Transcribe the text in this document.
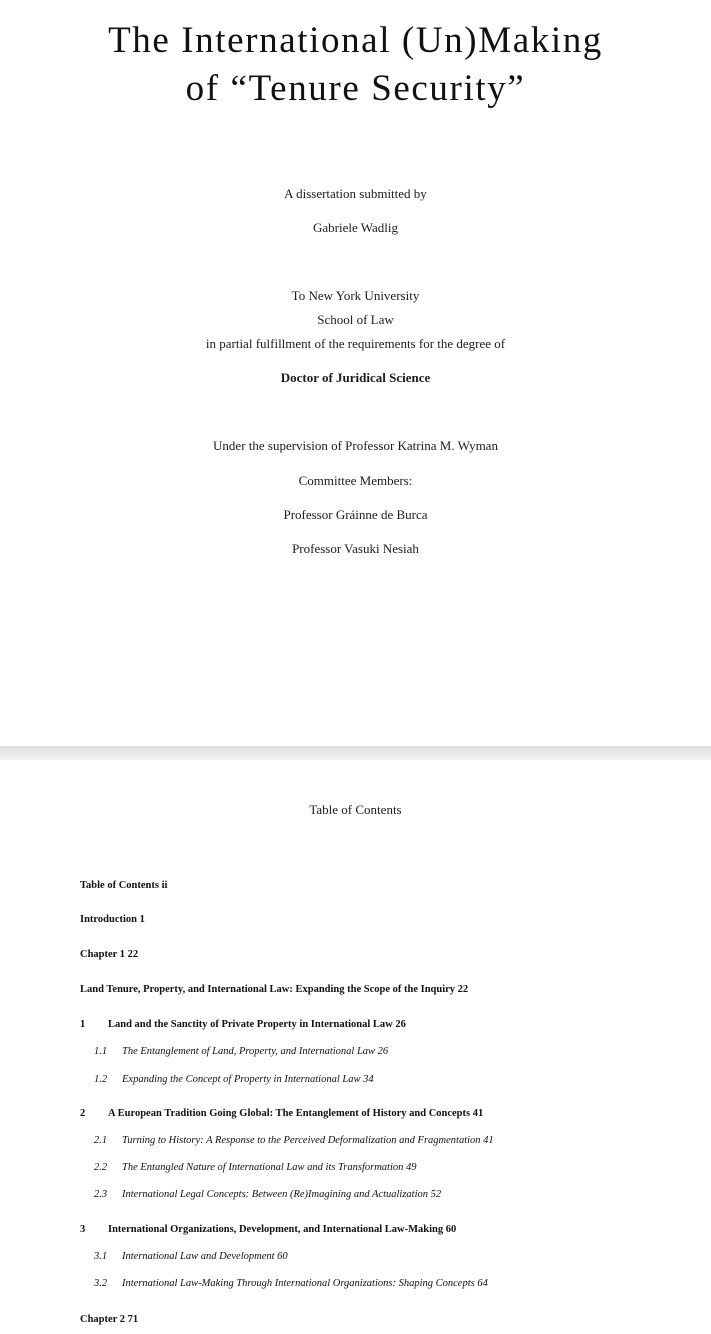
The International (Un)Making
of “Tenure Security”
A dissertation submitted by
Gabriele Wadlig
To New York University
School of Law
in partial fulfillment of the requirements for the degree of
Doctor of Juridical Science
Under the supervision of Professor Katrina M. Wyman
Committee Members:
Professor Gráinne de Burca
Professor Vasuki Nesiah
Table of Contents
Table of Contents ii
Introduction 1
Chapter 1 22
Land Tenure, Property, and International Law: Expanding the Scope of the Inquiry 22
1 Land and the Sanctity of Private Property in International Law 26
1.1 The Entanglement of Land, Property, and International Law 26
1.2 Expanding the Concept of Property in International Law 34
2 A European Tradition Going Global: The Entanglement of History and Concepts 41
2.1 Turning to History: A Response to the Perceived Deformalization and Fragmentation 41
2.2 The Entangled Nature of International Law and its Transformation 49
2.3 International Legal Concepts: Between (Re)Imagining and Actualization 52
3 International Organizations, Development, and International Law-Making 60
3.1 International Law and Development 60
3.2 International Law-Making Through International Organizations: Shaping Concepts 64
Chapter 2 71
